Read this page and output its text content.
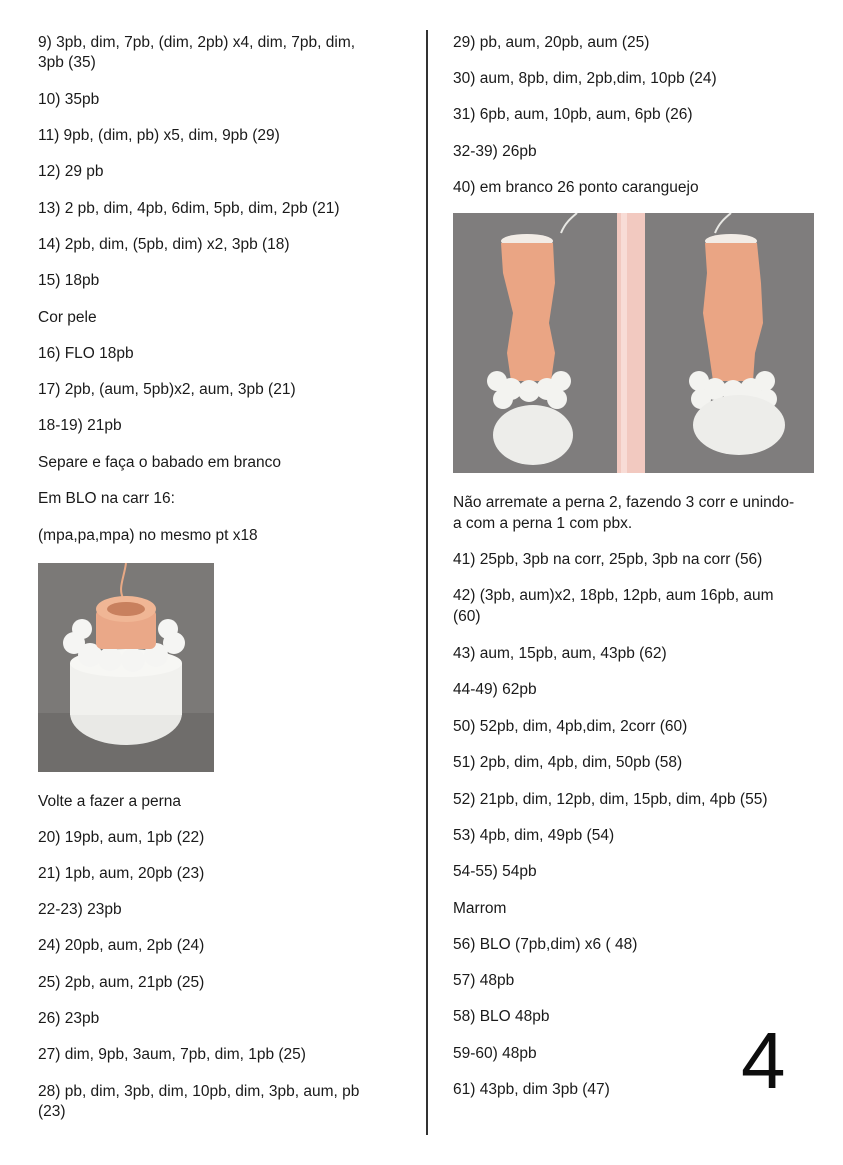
9) 3pb, dim, 7pb, (dim, 2pb) x4, dim, 7pb, dim,
3pb (35)
10) 35pb
11) 9pb, (dim, pb) x5, dim, 9pb (29)
12) 29 pb
13) 2 pb, dim, 4pb, 6dim, 5pb, dim, 2pb (21)
14) 2pb, dim, (5pb, dim) x2, 3pb (18)
15) 18pb
Cor pele
16) FLO 18pb
17) 2pb, (aum, 5pb)x2, aum, 3pb (21)
18-19) 21pb
Separe e faça o babado em branco
Em BLO na carr 16:
(mpa,pa,mpa) no mesmo pt x18
Volte a fazer a perna
20) 19pb, aum, 1pb (22)
21) 1pb, aum, 20pb (23)
22-23) 23pb
24) 20pb, aum, 2pb (24)
25) 2pb, aum, 21pb (25)
26) 23pb
27) dim, 9pb, 3aum, 7pb, dim, 1pb (25)
28) pb, dim, 3pb, dim, 10pb, dim, 3pb, aum, pb
(23)
29) pb, aum, 20pb, aum (25)
30) aum, 8pb, dim, 2pb,dim, 10pb (24)
31) 6pb, aum, 10pb, aum, 6pb (26)
32-39) 26pb
40) em branco 26 ponto caranguejo
Não arremate a perna 2, fazendo 3 corr e unindo-
a com a perna 1 com pbx.
41) 25pb, 3pb na corr, 25pb, 3pb na corr (56)
42) (3pb, aum)x2, 18pb, 12pb, aum 16pb, aum
(60)
43) aum, 15pb, aum, 43pb (62)
44-49) 62pb
50) 52pb, dim, 4pb,dim, 2corr (60)
51) 2pb, dim, 4pb, dim, 50pb (58)
52) 21pb, dim, 12pb, dim, 15pb, dim, 4pb (55)
53) 4pb, dim, 49pb (54)
54-55) 54pb
Marrom
56) BLO (7pb,dim) x6 ( 48)
57) 48pb
58) BLO 48pb
59-60) 48pb
61) 43pb, dim 3pb (47) 4
